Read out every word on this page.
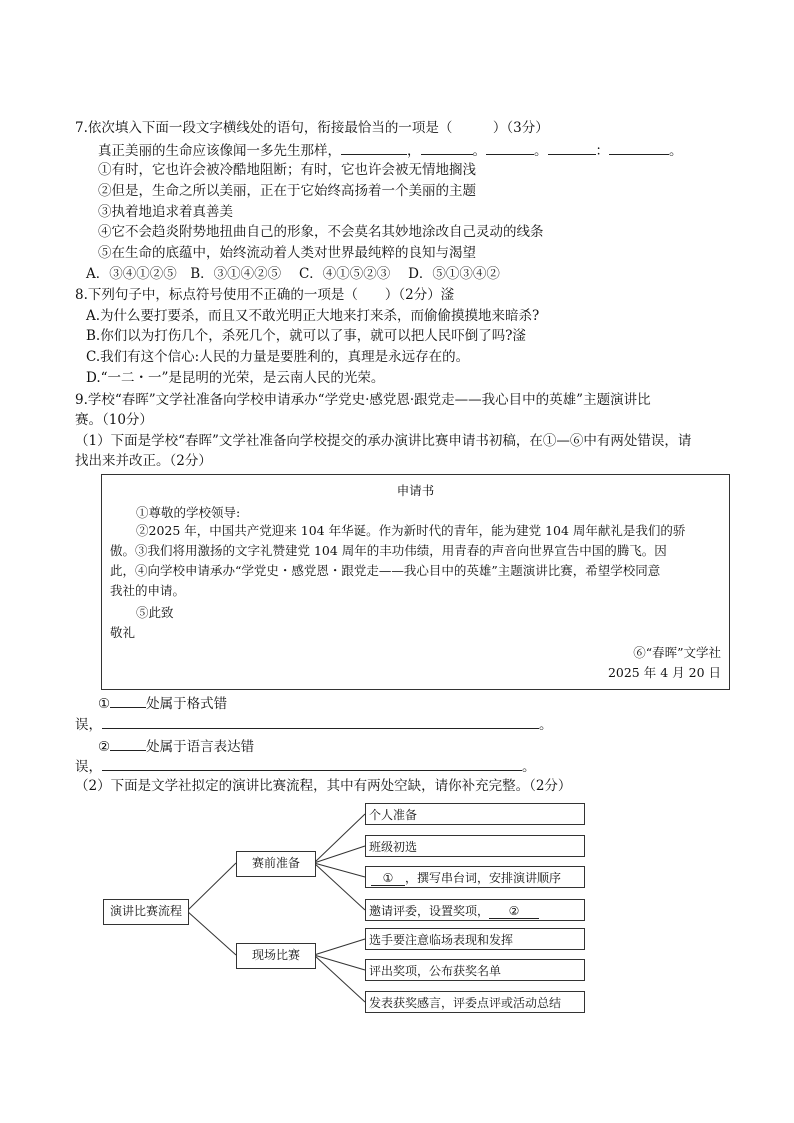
7.依次填入下面一段文字横线处的语句，衔接最恰当的一项是（　　　）（3分）
真正美丽的生命应该像闻一多先生那样，	，	。	。	：	。
①有时，它也许会被冷酷地阻断；有时，它也许会被无情地搁浅
②但是，生命之所以美丽，正在于它始终高扬着一个美丽的主题
③执着地追求着真善美
④它不会趋炎附势地扭曲自己的形象，不会莫名其妙地涂改自己灵动的线条
⑤在生命的底蕴中，始终流动着人类对世界最纯粹的良知与渴望
A．③④①②⑤　B．③①④②⑤　 C．④①⑤②③　 D．⑤①③④②
8.下列句子中，标点符号使用不正确的一项是（　　）（2分）滏
A.为什么要打要杀，而且又不敢光明正大地来打来杀，而偷偷摸摸地来暗杀?
B.你们以为打伤几个，杀死几个，就可以了事，就可以把人民吓倒了吗?滏
C.我们有这个信心:人民的力量是要胜利的，真理是永远存在的。
D.“一二・一”是昆明的光荣，是云南人民的光荣。
9.学校“春晖”文学社准备向学校申请承办“学党史·感党恩·跟党走——我心目中的英雄”主题演讲比
赛。（10分）
（1）下面是学校“春晖”文学社准备向学校提交的承办演讲比赛申请书初稿，在①—⑥中有两处错误，请
找出来并改正。（2分）
申请书
①尊敬的学校领导:
②2025 年，中国共产党迎来 104 年华诞。作为新时代的青年，能为建党 104 周年献礼是我们的骄
傲。③我们将用激扬的文字礼赞建党 104 周年的丰功伟绩，用青春的声音向世界宣告中国的腾飞。因
此，④向学校申请承办“学党史・感党恩・跟党走——我心目中的英雄”主题演讲比赛，希望学校同意
我社的申请。
⑤此致
敬礼
⑥“春晖”文学社
2025 年 4 月 20 日
①	处属于格式错
误，	。
②	处属于语言表达错
误，	。
（2）下面是文学社拟定的演讲比赛流程，其中有两处空缺，请你补充完整。（2分）
演讲比赛流程
赛前准备
现场比赛
个人准备
班级初选
① ，撰写串台词，安排演讲顺序
邀请评委，设置奖项， ②
选手要注意临场表现和发挥
评出奖项，公布获奖名单
发表获奖感言，评委点评或活动总结
